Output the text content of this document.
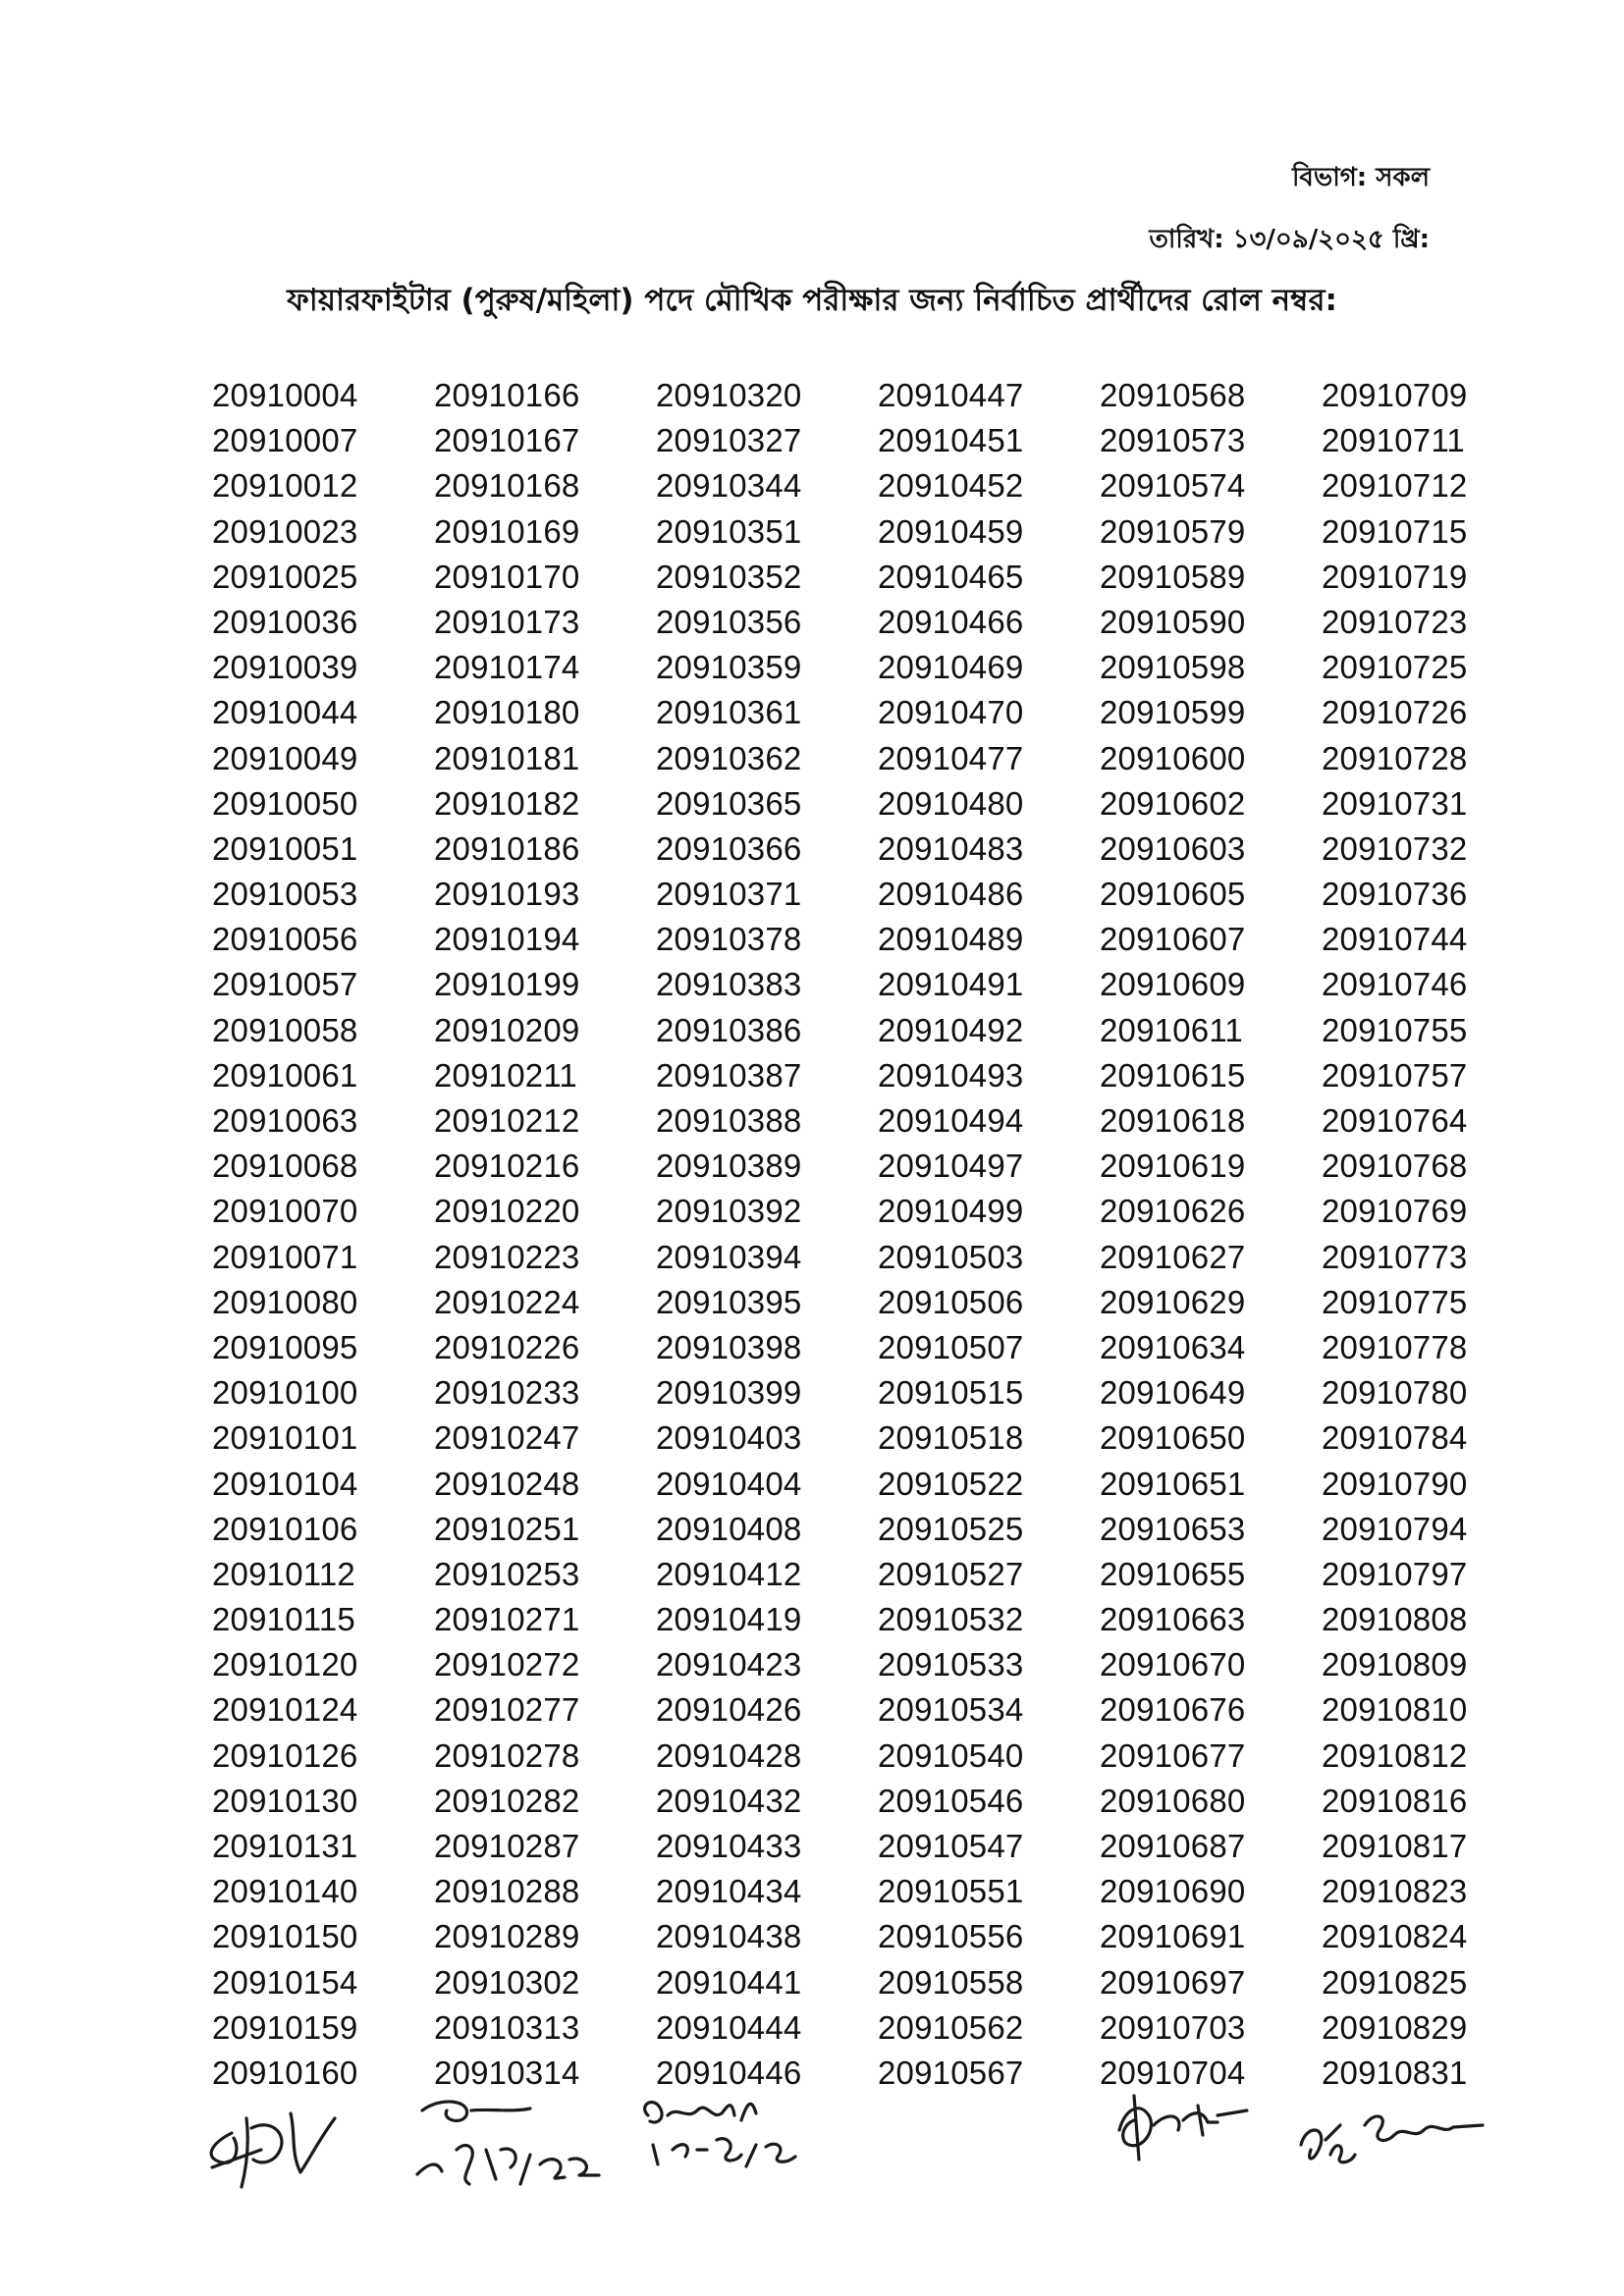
বিভাগ: সকল
তারিখ: ১৩/০৯/২০২৫ খ্রি:
ফায়ারফাইটার (পুরুষ/মহিলা) পদে মৌখিক পরীক্ষার জন্য নির্বাচিত প্রার্থীদের রোল নম্বর:
20910004
20910007
20910012
20910023
20910025
20910036
20910039
20910044
20910049
20910050
20910051
20910053
20910056
20910057
20910058
20910061
20910063
20910068
20910070
20910071
20910080
20910095
20910100
20910101
20910104
20910106
20910112
20910115
20910120
20910124
20910126
20910130
20910131
20910140
20910150
20910154
20910159
20910160
20910166
20910167
20910168
20910169
20910170
20910173
20910174
20910180
20910181
20910182
20910186
20910193
20910194
20910199
20910209
20910211
20910212
20910216
20910220
20910223
20910224
20910226
20910233
20910247
20910248
20910251
20910253
20910271
20910272
20910277
20910278
20910282
20910287
20910288
20910289
20910302
20910313
20910314
20910320
20910327
20910344
20910351
20910352
20910356
20910359
20910361
20910362
20910365
20910366
20910371
20910378
20910383
20910386
20910387
20910388
20910389
20910392
20910394
20910395
20910398
20910399
20910403
20910404
20910408
20910412
20910419
20910423
20910426
20910428
20910432
20910433
20910434
20910438
20910441
20910444
20910446
20910447
20910451
20910452
20910459
20910465
20910466
20910469
20910470
20910477
20910480
20910483
20910486
20910489
20910491
20910492
20910493
20910494
20910497
20910499
20910503
20910506
20910507
20910515
20910518
20910522
20910525
20910527
20910532
20910533
20910534
20910540
20910546
20910547
20910551
20910556
20910558
20910562
20910567
20910568
20910573
20910574
20910579
20910589
20910590
20910598
20910599
20910600
20910602
20910603
20910605
20910607
20910609
20910611
20910615
20910618
20910619
20910626
20910627
20910629
20910634
20910649
20910650
20910651
20910653
20910655
20910663
20910670
20910676
20910677
20910680
20910687
20910690
20910691
20910697
20910703
20910704
20910709
20910711
20910712
20910715
20910719
20910723
20910725
20910726
20910728
20910731
20910732
20910736
20910744
20910746
20910755
20910757
20910764
20910768
20910769
20910773
20910775
20910778
20910780
20910784
20910790
20910794
20910797
20910808
20910809
20910810
20910812
20910816
20910817
20910823
20910824
20910825
20910829
20910831
